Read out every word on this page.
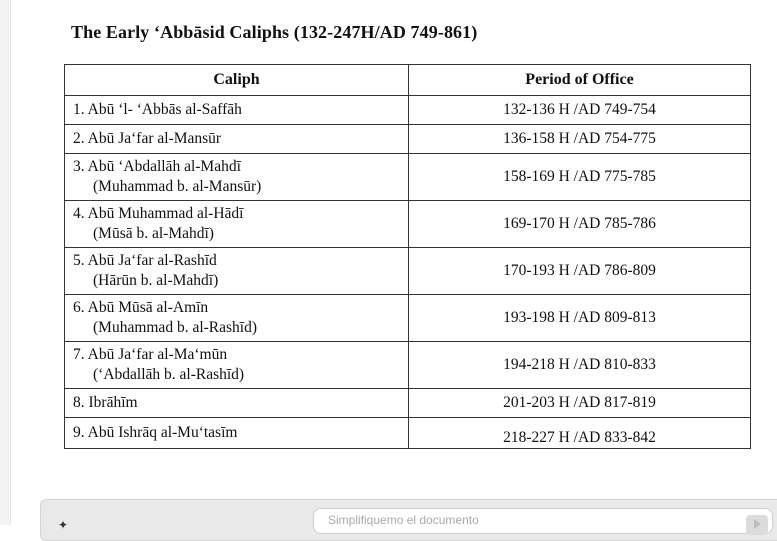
The Early ‘Abbāsid Caliphs (132-247H/AD 749-861)
Caliph	Period of Office

1. Abū ‘l- ‘Abbās al-Saffāh	132-136 H /AD 749-754

2. Abū Ja‘far al-Mansūr	136-158 H /AD 754-775

3. Abū ‘Abdallāh al-Mahdī
(Muhammad b. al-Mansūr)	158-169 H /AD 775-785

4. Abū Muhammad al-Hādī
(Mūsā b. al-Mahdī)	169-170 H /AD 785-786

5. Abū Ja‘far al-Rashīd
(Hārūn b. al-Mahdī)	170-193 H /AD 786-809

6. Abū Mūsā al-Amīn
(Muhammad b. al-Rashīd)	193-198 H /AD 809-813

7. Abū Ja‘far al-Ma‘mūn
(‘Abdallāh b. al-Rashīd)	194-218 H /AD 810-833

8. Ibrāhīm	201-203 H /AD 817-819

9. Abū Ishrāq al-Mu‘tasīm	218-227 H /AD 833-842
✦	Simplifiquemo el documento
